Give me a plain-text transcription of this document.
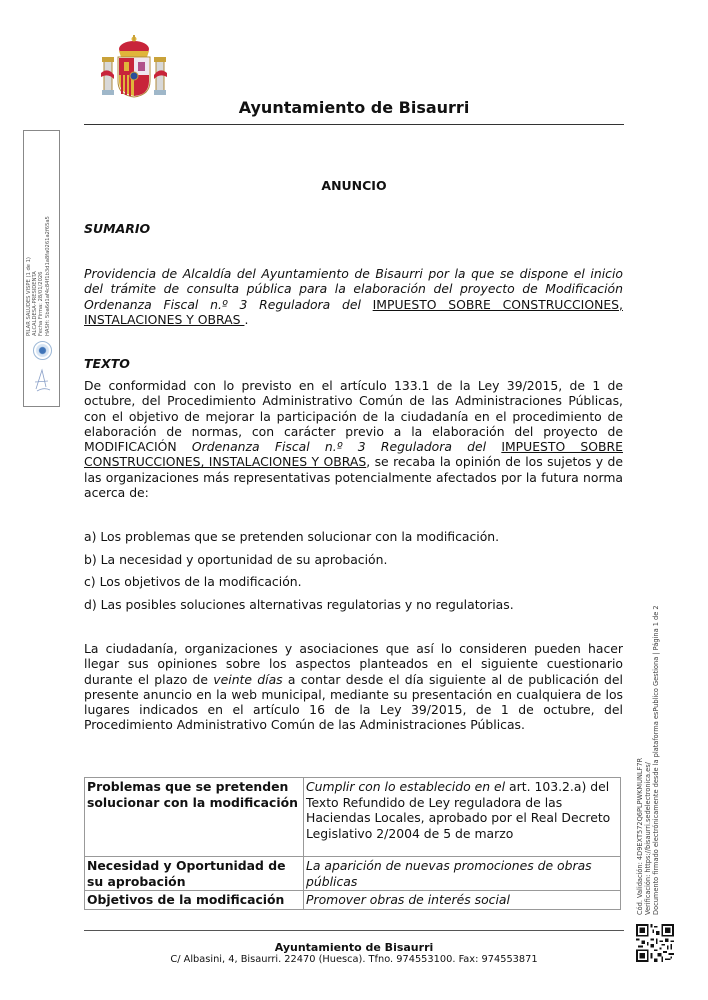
Ayuntamiento de Bisaurri
PILAR SALUDES VISPE (1 de 1) ALCALDESA-PRESIDENTA Fecha Firma: 28/01/2026 HASH: 5ba6d1af4c84f1b3d1a8fa0261a2f65a5
ANUNCIO
SUMARIO
Providencia de Alcaldía del Ayuntamiento de Bisaurri por la que se dispone el inicio del trámite de consulta pública para la elaboración del proyecto de Modificación Ordenanza Fiscal n.º 3 Reguladora del IMPUESTO SOBRE CONSTRUCCIONES, INSTALACIONES Y OBRAS .
TEXTO
De conformidad con lo previsto en el artículo 133.1 de la Ley 39/2015, de 1 de octubre, del Procedimiento Administrativo Común de las Administraciones Públicas, con el objetivo de mejorar la participación de la ciudadanía en el procedimiento de elaboración de normas, con carácter previo a la elaboración del proyecto de MODIFICACIÓN Ordenanza Fiscal n.º 3 Reguladora del IMPUESTO SOBRE CONSTRUCCIONES, INSTALACIONES Y OBRAS, se recaba la opinión de los sujetos y de las organizaciones más representativas potencialmente afectados por la futura norma acerca de:
a) Los problemas que se pretenden solucionar con la modificación.
b) La necesidad y oportunidad de su aprobación.
c) Los objetivos de la modificación.
d) Las posibles soluciones alternativas regulatorias y no regulatorias.
La ciudadanía, organizaciones y asociaciones que así lo consideren pueden hacer llegar sus opiniones sobre los aspectos planteados en el siguiente cuestionario durante el plazo de veinte días a contar desde el día siguiente al de publicación del presente anuncio en la web municipal, mediante su presentación en cualquiera de los lugares indicados en el artículo 16 de la Ley 39/2015, de 1 de octubre, del Procedimiento Administrativo Común de las Administraciones Públicas.
Problemas que se pretenden solucionar con la modificación	Cumplir con lo establecido en el art. 103.2.a) del Texto Refundido de Ley reguladora de las Haciendas Locales, aprobado por el Real Decreto Legislativo 2/2004 de 5 de marzo
Necesidad y Oportunidad de su aprobación	La aparición de nuevas promociones de obras públicas
Objetivos de la modificación	Promover obras de interés social
Ayuntamiento de Bisaurri
C/ Albasini, 4, Bisaurri. 22470 (Huesca). Tfno. 974553100. Fax: 974553871
Cód. Validación: 4D9EXT572Q6PLPWKMUNLF7R Verificación: https://bisaurri.sedelectronica.es/ Documento firmado electrónicamente desde la plataforma esPublico Gestiona | Página 1 de 2
